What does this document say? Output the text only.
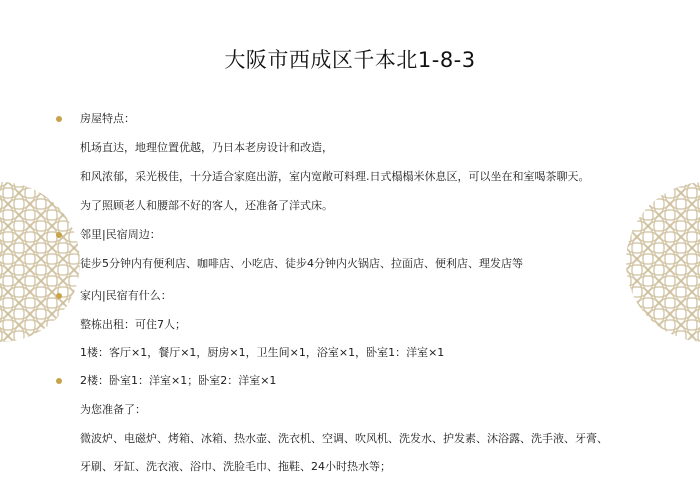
大阪市西成区千本北1-8-3
房屋特点：
机场直达，地理位置优越，乃日本老房设计和改造，
和风浓郁，采光极佳，十分适合家庭出游，室内宽敞可料理.日式榻榻米休息区，可以坐在和室喝茶聊天。
为了照顾老人和腰部不好的客人，还准备了洋式床。
邻里|民宿周边：
徒步5分钟内有便利店、咖啡店、小吃店、徒步4分钟内火锅店、拉面店、便利店、理发店等
家内|民宿有什么：
整栋出租：可住7人；
1楼：客厅×1，餐厅×1，厨房×1，卫生间×1，浴室×1，卧室1：洋室×1
2楼：卧室1：洋室×1；卧室2：洋室×1
为您准备了：
微波炉、电磁炉、烤箱、冰箱、热水壶、洗衣机、空调、吹风机、洗发水、护发素、沐浴露、洗手液、牙膏、
牙刷、牙缸、洗衣液、浴巾、洗脸毛巾、拖鞋、24小时热水等；
